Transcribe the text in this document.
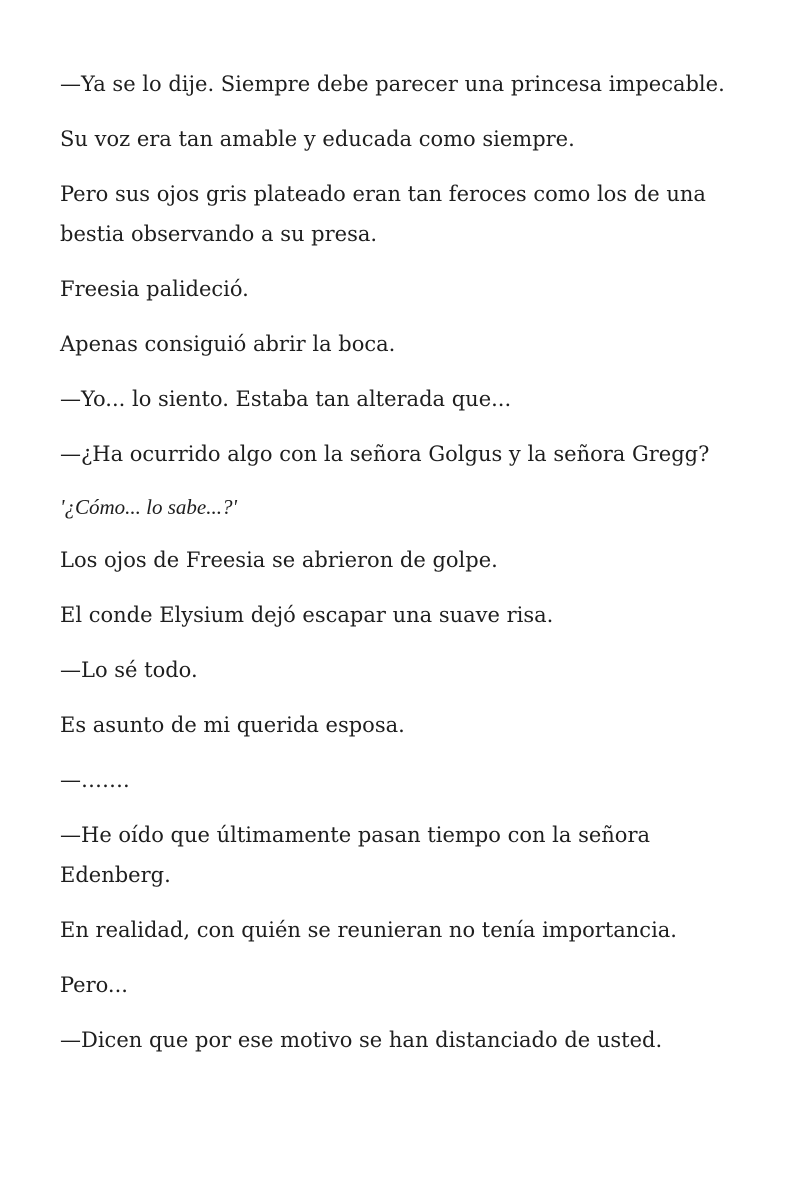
—Ya se lo dije. Siempre debe parecer una princesa impecable.

Su voz era tan amable y educada como siempre.

Pero sus ojos gris plateado eran tan feroces como los de una bestia observando a su presa.

Freesia palideció.

Apenas consiguió abrir la boca.

—Yo... lo siento. Estaba tan alterada que...

—¿Ha ocurrido algo con la señora Golgus y la señora Gregg?

'¿Cómo... lo sabe...?'

Los ojos de Freesia se abrieron de golpe.

El conde Elysium dejó escapar una suave risa.

—Lo sé todo.

Es asunto de mi querida esposa.

—…….

—He oído que últimamente pasan tiempo con la señora Edenberg.

En realidad, con quién se reunieran no tenía importancia.

Pero...

—Dicen que por ese motivo se han distanciado de usted.
